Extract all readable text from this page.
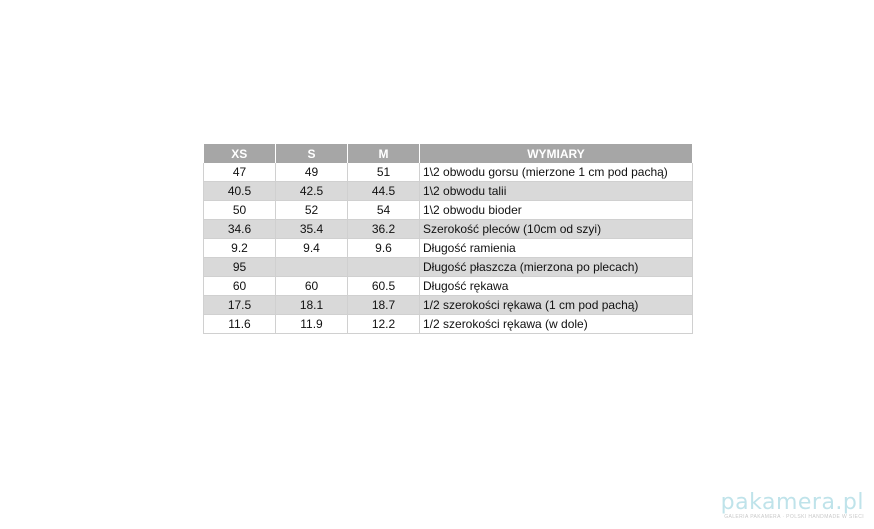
XS	S	M	WYMIARY
47	49	51	1\2 obwodu gorsu (mierzone 1 cm pod pachą)
40.5	42.5	44.5	1\2 obwodu talii
50	52	54	1\2 obwodu bioder
34.6	35.4	36.2	Szerokość pleców (10cm od szyi)
9.2	9.4	9.6	Długość ramienia
95			Długość płaszcza (mierzona po plecach)
60	60	60.5	Długość rękawa
17.5	18.1	18.7	1/2 szerokości rękawa (1 cm pod pachą)
11.6	11.9	12.2	1/2 szerokości rękawa (w dole)
pakamera.pl
GALERIA PAKAMERA · POLSKI HANDMADE W SIECI
